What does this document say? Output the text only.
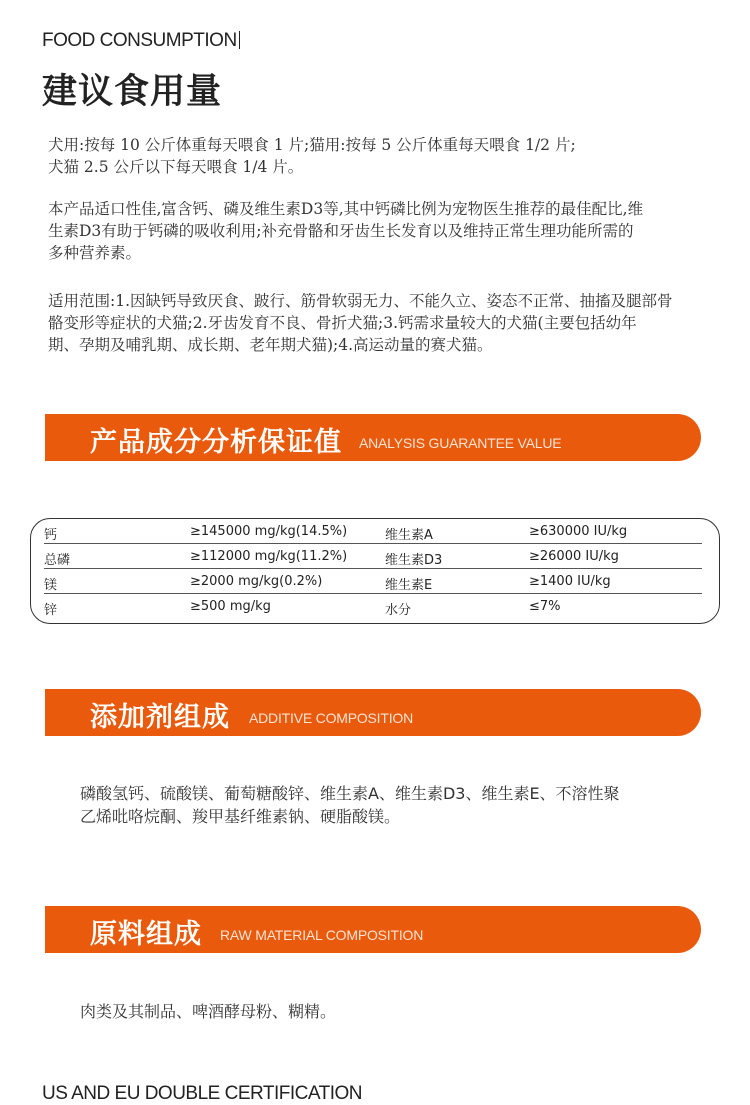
FOOD CONSUMPTION
建议食用量
犬用:按每 10 公斤体重每天喂食 1 片;猫用:按每 5 公斤体重每天喂食 1/2 片;
犬猫 2.5 公斤以下每天喂食 1/4 片。
本产品适口性佳,富含钙、磷及维生素D3等,其中钙磷比例为宠物医生推荐的最佳配比,维
生素D3有助于钙磷的吸收利用;补充骨骼和牙齿生长发育以及维持正常生理功能所需的
多种营养素。
适用范围:1.因缺钙导致厌食、跛行、筋骨软弱无力、不能久立、姿态不正常、抽搐及腿部骨
骼变形等症状的犬猫;2.牙齿发育不良、骨折犬猫;3.钙需求量较大的犬猫(主要包括幼年
期、孕期及哺乳期、成长期、老年期犬猫);4.高运动量的赛犬猫。
产品成分分析保证值 ANALYSIS GUARANTEE VALUE
钙	≥145000 mg/kg(14.5%)	维生素A	≥630000 IU/kg
总磷	≥112000 mg/kg(11.2%)	维生素D3	≥26000 IU/kg
镁	≥2000 mg/kg(0.2%)	维生素E	≥1400 IU/kg
锌	≥500 mg/kg	水分	≤7%
添加剂组成 ADDITIVE COMPOSITION
磷酸氢钙、硫酸镁、葡萄糖酸锌、维生素A、维生素D3、维生素E、不溶性聚
乙烯吡咯烷酮、羧甲基纤维素钠、硬脂酸镁。
原料组成 RAW MATERIAL COMPOSITION
肉类及其制品、啤酒酵母粉、糊精。
US AND EU DOUBLE CERTIFICATION
